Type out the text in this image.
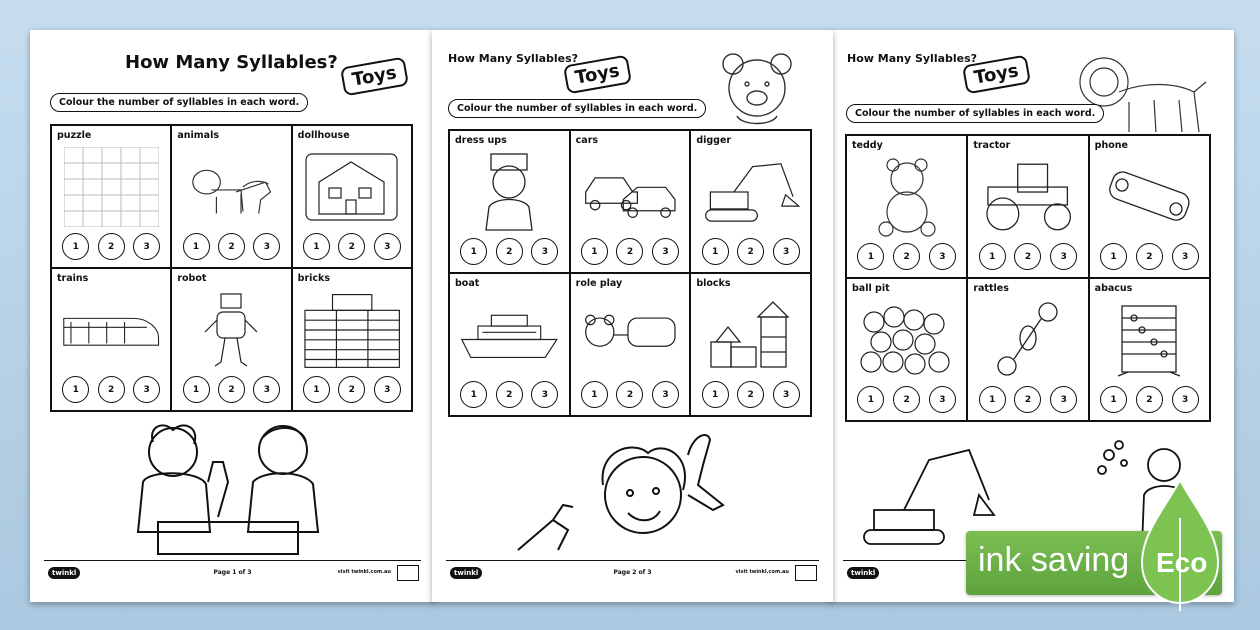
How Many Syllables? Toys
Colour the number of syllables in each word.
puzzle
1	2	3
animals
1	2	3
dollhouse
1	2	3
trains
1	2	3
robot
1	2	3
bricks
1	2	3
twinkl	Page 1 of 3	visit twinkl.com.au
How Many Syllables?
Toys
Colour the number of syllables in each word.
teddy
1	2	3
tractor
1	2	3
phone
1	2	3
ball pit
1	2	3
rattles
1	2	3
abacus
1	2	3
twinkl
How Many Syllables?
Toys
Colour the number of syllables in each word.
dress ups
1	2	3
cars
1	2	3
digger
1	2	3
boat
1	2	3
role play
1	2	3
blocks
1	2	3
twinkl	Page 2 of 3	visit twinkl.com.au	ink saving Eco
